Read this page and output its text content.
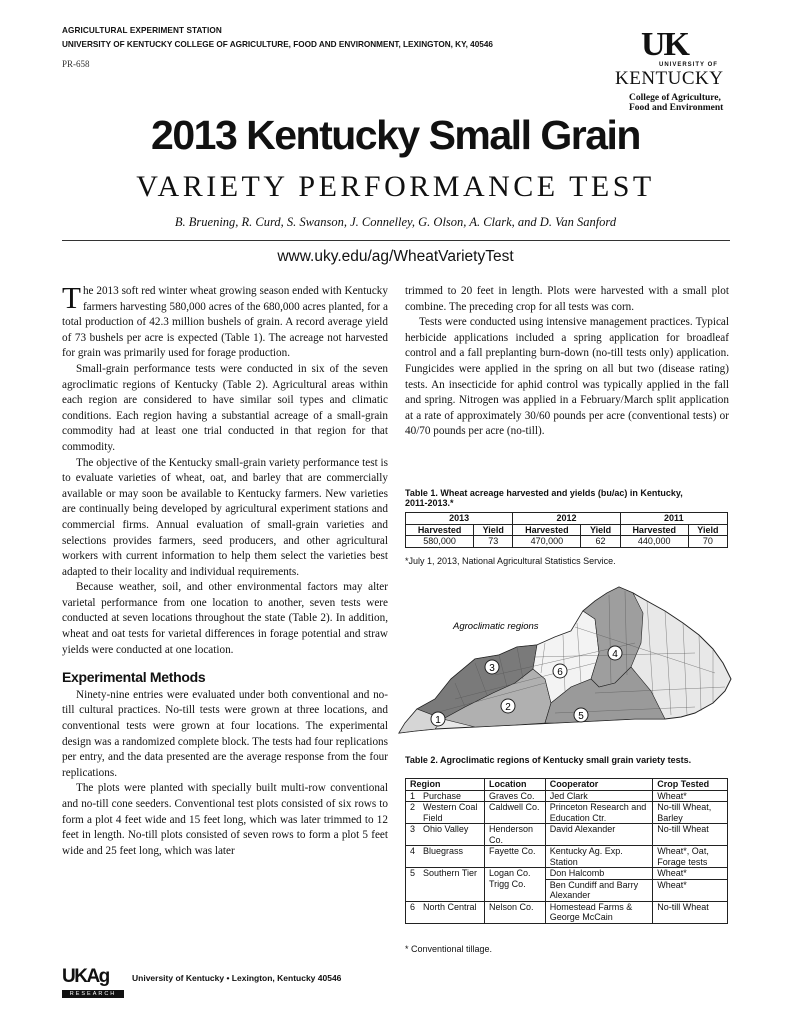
AGRICULTURAL EXPERIMENT STATION
UNIVERSITY OF KENTUCKY COLLEGE OF AGRICULTURE, FOOD AND ENVIRONMENT, LEXINGTON, KY, 40546
PR-658
UK
UNIVERSITY OF
KENTUCKY
College of Agriculture,
Food and Environment
2013 Kentucky Small Grain
VARIETY PERFORMANCE TEST
B. Bruening, R. Curd, S. Swanson, J. Connelley, G. Olson, A. Clark, and D. Van Sanford
www.uky.edu/ag/WheatVarietyTest

The 2013 soft red winter wheat growing season ended with Kentucky farmers harvesting 580,000 acres of the 680,000 acres planted, for a total production of 42.3 million bushels of grain. A record average yield of 73 bushels per acre is expected (Table 1). The acreage not harvested for grain was primarily used for forage production.

Small-grain performance tests were conducted in six of the seven agroclimatic regions of Kentucky (Table 2). Agricultural areas within each region are considered to have similar soil types and climatic conditions. Each region having a substantial acreage of a small-grain commodity had at least one trial conducted in that region for that commodity.

The objective of the Kentucky small-grain variety performance test is to evaluate varieties of wheat, oat, and barley that are commercially available or may soon be available to Kentucky farmers. New varieties are continually being developed by agricultural experiment stations and commercial firms. Annual evaluation of small-grain varieties and selections provides farmers, seed producers, and other agricultural workers with current information to help them select the varieties best adapted to their locality and individual requirements.

Because weather, soil, and other environmental factors may alter varietal performance from one location to another, seven tests were conducted at seven locations throughout the state (Table 2). In addition, wheat and oat tests for varietal differences in forage potential and straw yields were conducted at one location.

Experimental Methods

Ninety-nine entries were evaluated under both conventional and no-till cultural practices. No-till tests were grown at three locations, and conventional tests were grown at four locations. The experimental design was a randomized complete block. The tests had four replications per entry, and the data presented are the average response from the four replications.

The plots were planted with specially built multi-row conventional and no-till cone seeders. Conventional test plots consisted of six rows to form a plot 4 feet wide and 15 feet long, which was later trimmed to 12 feet in length. No-till plots consisted of seven rows to form a plot 5 feet wide and 25 feet long, which was later

trimmed to 20 feet in length. Plots were harvested with a small plot combine. The preceding crop for all tests was corn.

Tests were conducted using intensive management practices. Typical herbicide applications included a spring application for broadleaf control and a fall preplanting burn-down (no-till tests only) application. Fungicides were applied in the spring on all but two (disease rating) tests. An insecticide for aphid control was typically applied in the fall and spring. Nitrogen was applied in a February/March split application at a rate of approximately 30/60 pounds per acre (conventional tests) or 40/70 pounds per acre (no-till).

Table 1. Wheat acreage harvested and yields (bu/ac) in Kentucky, 2011-2013.*
2013		2012		2011	
Harvested	Yield	Harvested	Yield	Harvested	Yield
580,000	73	470,000	62	440,000	70
*July 1, 2013, National Agricultural Statistics Service.
Agroclimatic regions
1
2
3
4
5
6
Table 2. Agroclimatic regions of Kentucky small grain variety tests.
Region		Location	Cooperator	Crop Tested
1	Purchase	Graves Co.	Jed Clark	Wheat*
2	Western Coal Field	Caldwell Co.	Princeton Research and Education Ctr.	No-till Wheat, Barley
3	Ohio Valley	Henderson Co.	David Alexander	No-till Wheat
4	Bluegrass	Fayette Co.	Kentucky Ag. Exp. Station	Wheat*, Oat, Forage tests
5	Southern Tier	Logan Co.	Don Halcomb	Wheat*
		Trigg Co.	Ben Cundiff and Barry Alexander	Wheat*
6	North Central	Nelson Co.	Homestead Farms & George McCain	No-till Wheat
* Conventional tillage.
UKAg
RESEARCH
University of Kentucky • Lexington, Kentucky 40546
